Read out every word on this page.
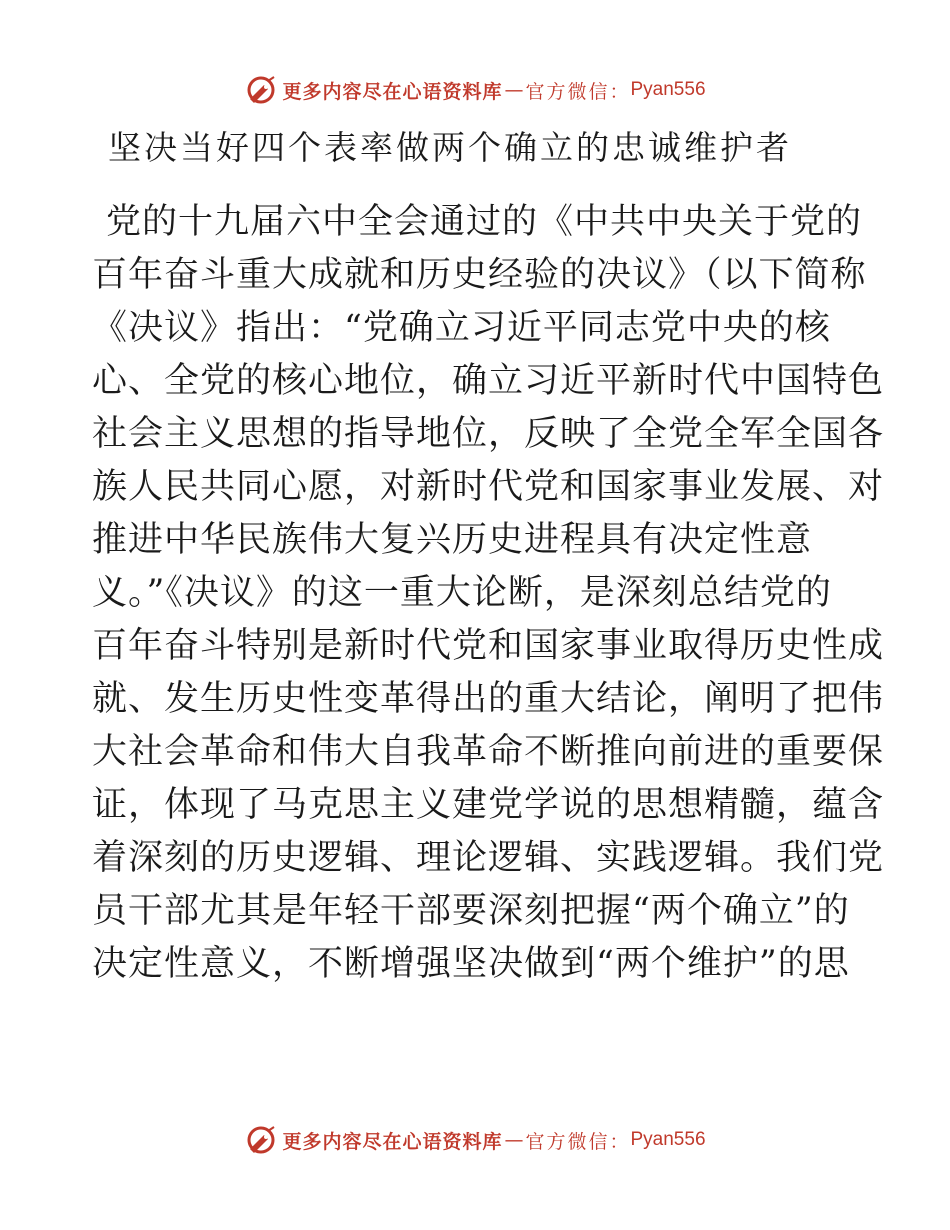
更多内容尽在心语资料库 — 官方微信： Pyan556
坚决当好四个表率做两个确立的忠诚维护者
党的十九届六中全会通过的《中共中央关于党的
百年奋斗重大成就和历史经验的决议》（以下简称
《决议》指出：“党确立习近平同志党中央的核
心、全党的核心地位，确立习近平新时代中国特色
社会主义思想的指导地位，反映了全党全军全国各
族人民共同心愿，对新时代党和国家事业发展、对
推进中华民族伟大复兴历史进程具有决定性意
义。”《决议》的这一重大论断，是深刻总结党的
百年奋斗特别是新时代党和国家事业取得历史性成
就、发生历史性变革得出的重大结论，阐明了把伟
大社会革命和伟大自我革命不断推向前进的重要保
证，体现了马克思主义建党学说的思想精髓，蕴含
着深刻的历史逻辑、理论逻辑、实践逻辑。我们党
员干部尤其是年轻干部要深刻把握“两个确立”的
决定性意义，不断增强坚决做到“两个维护”的思
更多内容尽在心语资料库 — 官方微信： Pyan556
